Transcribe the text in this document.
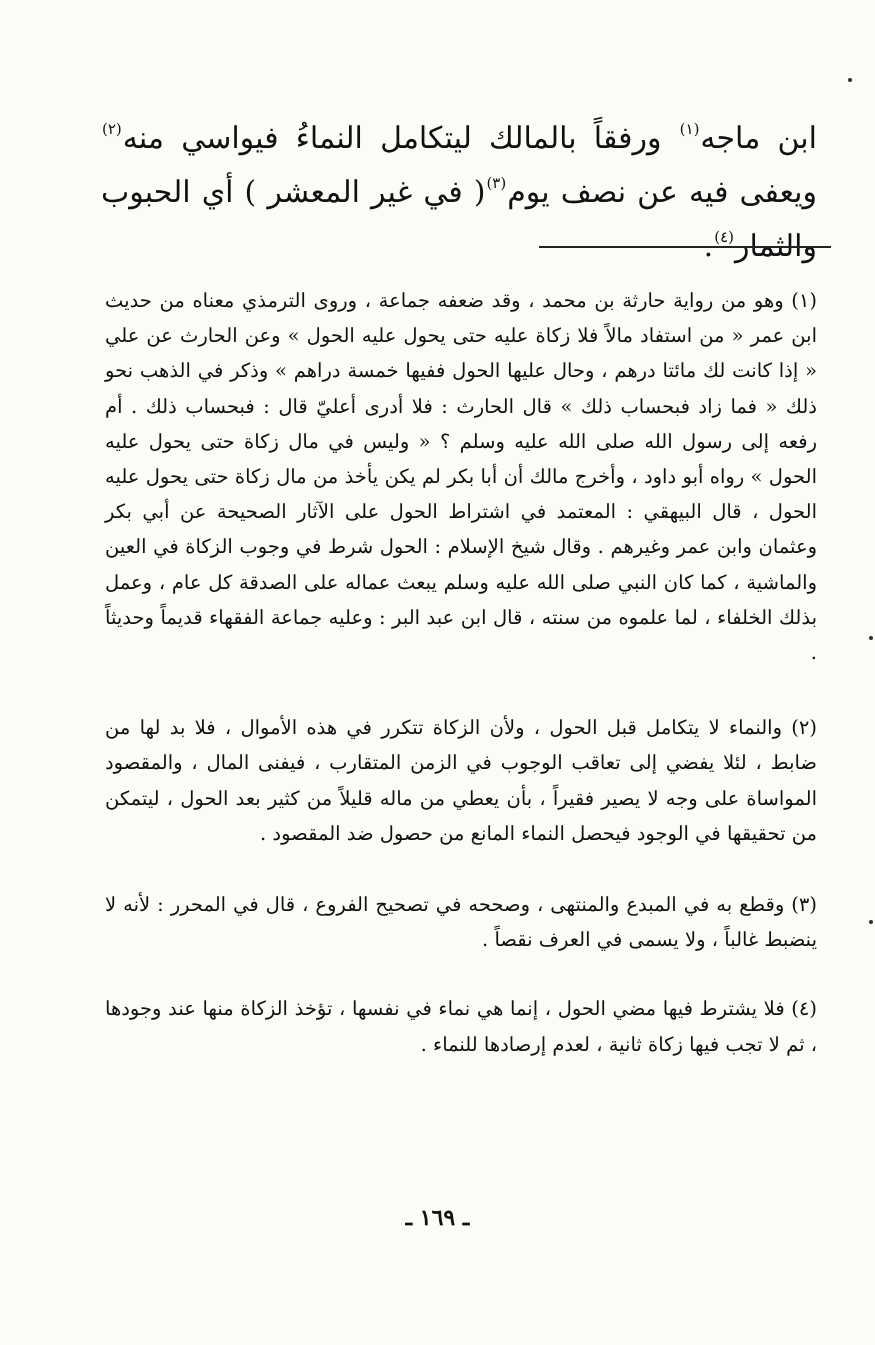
ابن ماجه$^{(١)}$ ورفقاً بالمالك ليتكامل النماءُ فيواسي منه$^{(٢)}$ ويعفى فيه عن نصف يوم$^{(٣)}$( في غير المعشر ) أي الحبوب والثمار$^{(٤)}$.

(١) وهو من رواية حارثة بن محمد ، وقد ضعفه جماعة ، وروى الترمذي معناه من حديث ابن عمر « من استفاد مالاً فلا زكاة عليه حتى يحول عليه الحول » وعن الحارث عن علي « إذا كانت لك مائتا درهم ، وحال عليها الحول ففيها خمسة دراهم » وذكر في الذهب نحو ذلك « فما زاد فبحساب ذلك » قال الحارث : فلا أدرى أعليّ قال : فبحساب ذلك . أم رفعه إلى رسول الله صلى الله عليه وسلم ؟ « وليس في مال زكاة حتى يحول عليه الحول » رواه أبو داود ، وأخرج مالك أن أبا بكر لم يكن يأخذ من مال زكاة حتى يحول عليه الحول ، قال البيهقي : المعتمد في اشتراط الحول على الآثار الصحيحة عن أبي بكر وعثمان وابن عمر وغيرهم . وقال شيخ الإسلام : الحول شرط في وجوب الزكاة في العين والماشية ، كما كان النبي صلى الله عليه وسلم يبعث عماله على الصدقة كل عام ، وعمل بذلك الخلفاء ، لما علموه من سنته ، قال ابن عبد البر : وعليه جماعة الفقهاء قديماً وحديثاً .

(٢) والنماء لا يتكامل قبل الحول ، ولأن الزكاة تتكرر في هذه الأموال ، فلا بد لها من ضابط ، لئلا يفضي إلى تعاقب الوجوب في الزمن المتقارب ، فيفنى المال ، والمقصود المواساة على وجه لا يصير فقيراً ، بأن يعطي من ماله قليلاً من كثير بعد الحول ، ليتمكن من تحقيقها في الوجود فيحصل النماء المانع من حصول ضد المقصود .

(٣) وقطع به في المبدع والمنتهى ، وصححه في تصحيح الفروع ، قال في المحرر : لأنه لا ينضبط غالباً ، ولا يسمى في العرف نقصاً .

(٤) فلا يشترط فيها مضي الحول ، إنما هي نماء في نفسها ، تؤخذ الزكاة منها عند وجودها ، ثم لا تجب فيها زكاة ثانية ، لعدم إرصادها للنماء .

ـ ١٦٩ ـ
